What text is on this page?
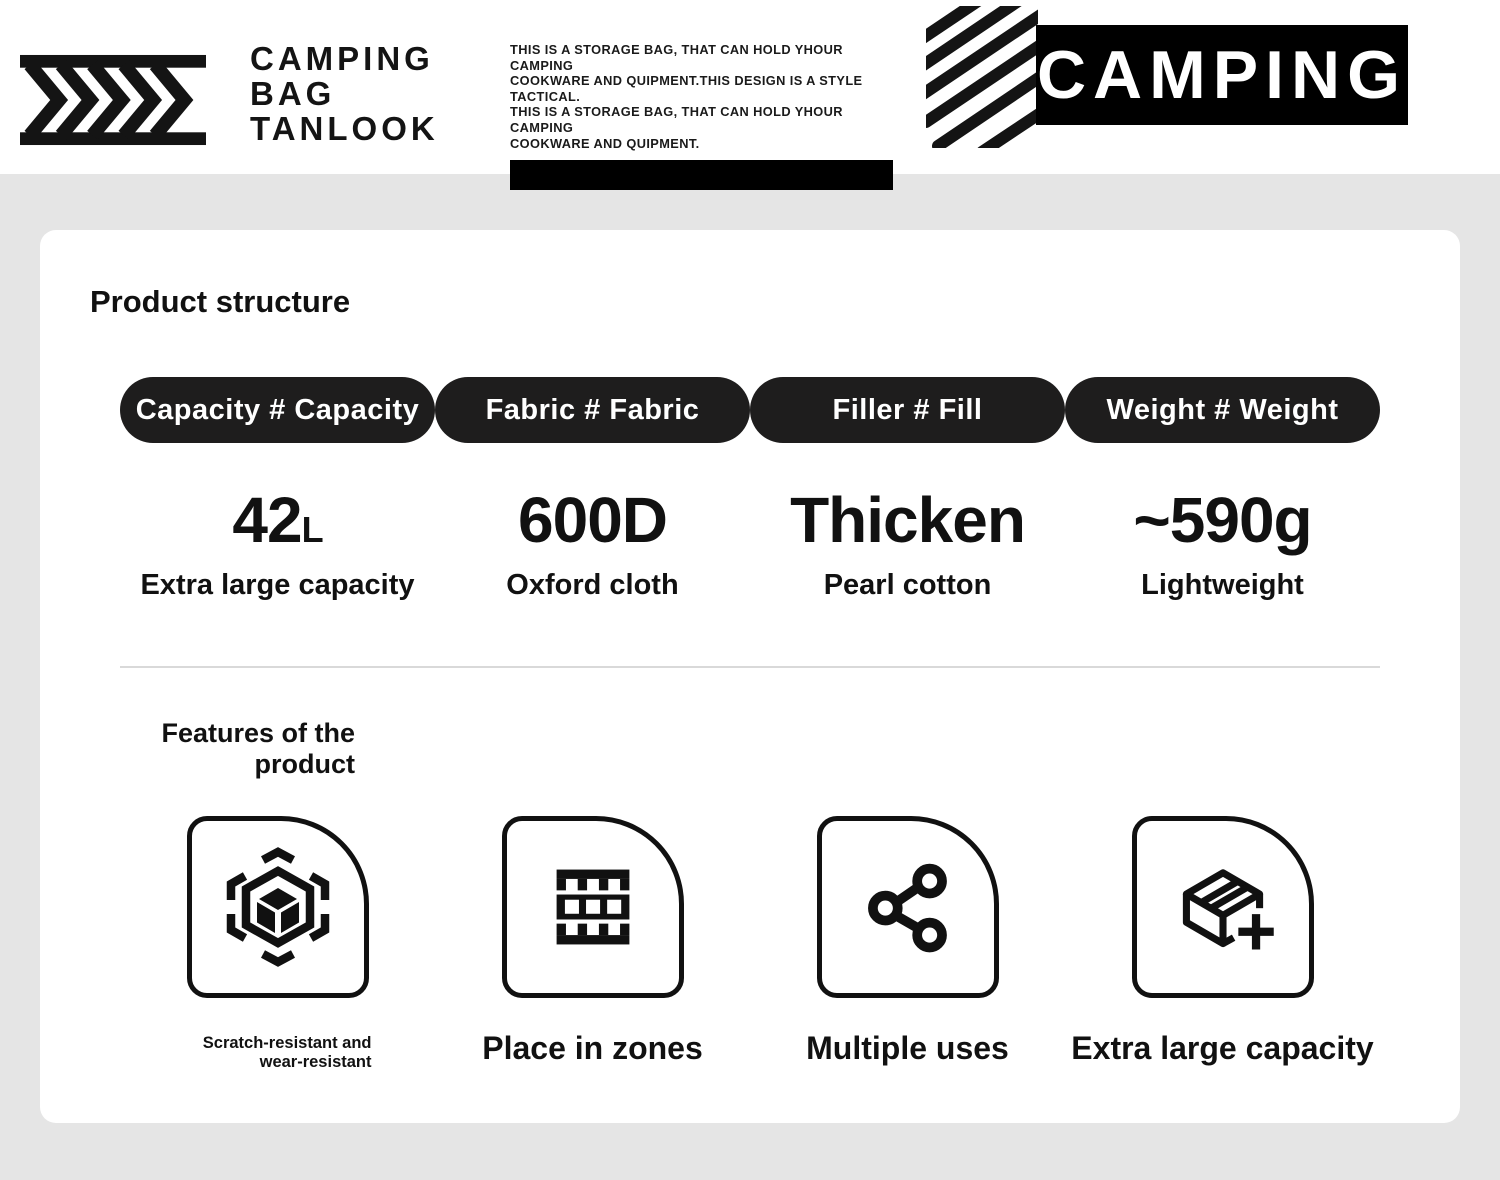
CAMPING
BAG
TANLOOK
THIS IS A STORAGE BAG, THAT CAN HOLD YHOUR CAMPING
COOKWARE AND QUIPMENT.THIS DESIGN IS A STYLE TACTICAL.
THIS IS A STORAGE BAG, THAT CAN HOLD YHOUR CAMPING
COOKWARE AND QUIPMENT.
CAMPING
Product structure
Capacity # Capacity
42L
Extra large capacity
Fabric # Fabric
600D
Oxford cloth
Filler # Fill
Thicken
Pearl cotton
Weight # Weight
~590g
Lightweight
Features of the
product
Scratch-resistant and
wear-resistant	Place in zones	Multiple uses Extra large capacity
